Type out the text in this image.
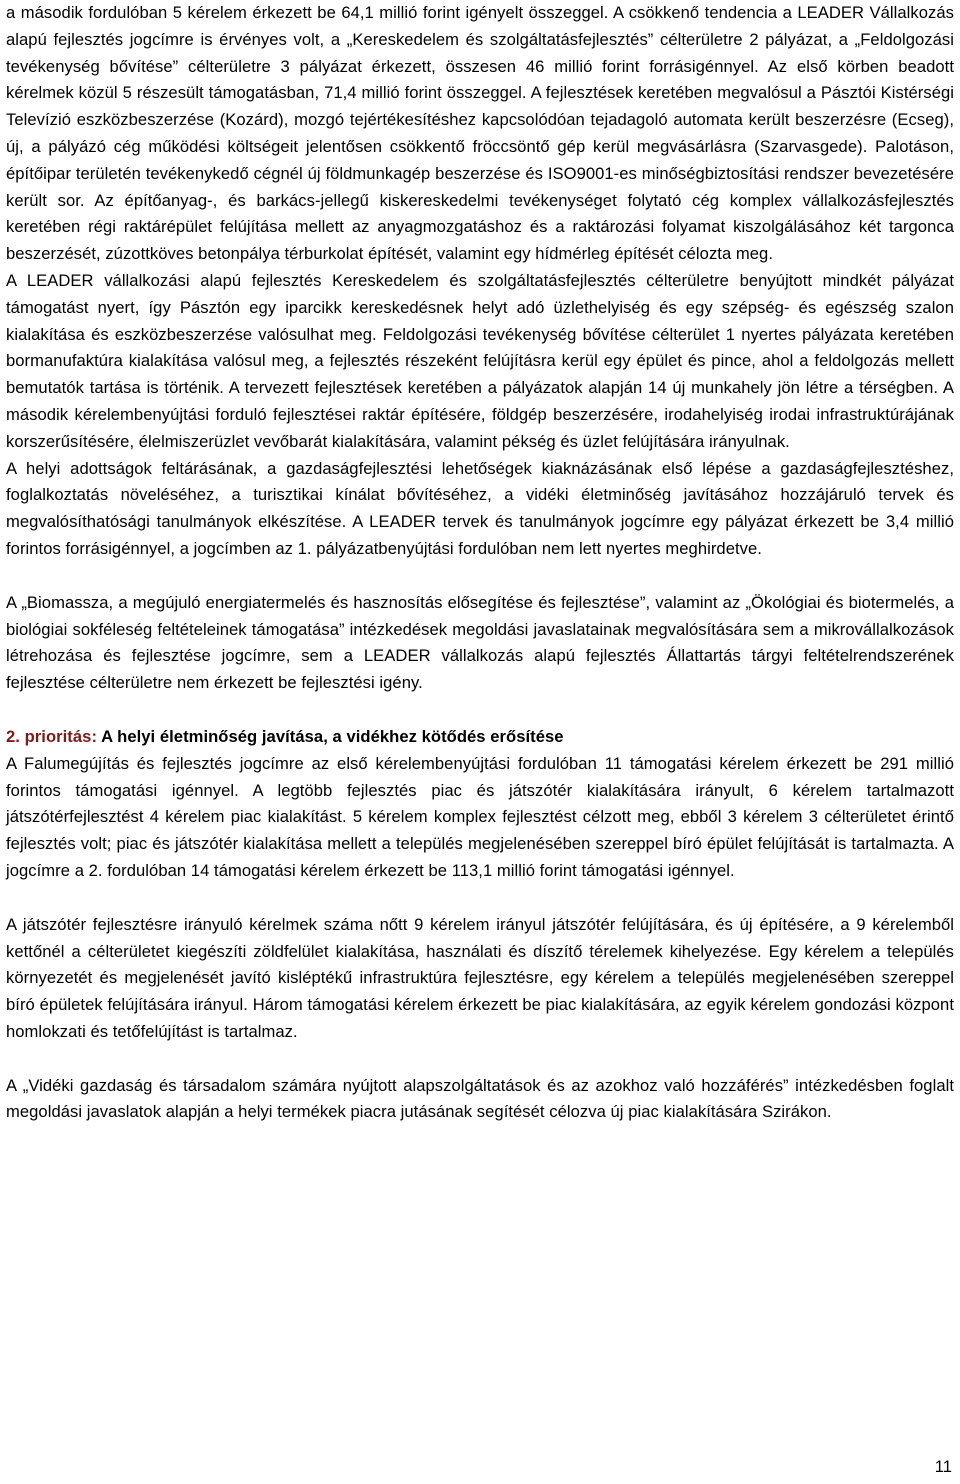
a második fordulóban 5 kérelem érkezett be 64,1 millió forint igényelt összeggel. A csökkenő tendencia a LEADER Vállalkozás alapú fejlesztés jogcímre is érvényes volt, a „Kereskedelem és szolgáltatásfejlesztés” célterületre 2 pályázat, a „Feldolgozási tevékenység bővítése” célterületre 3 pályázat érkezett, összesen 46 millió forint forrásigénnyel. Az első körben beadott kérelmek közül 5 részesült támogatásban, 71,4 millió forint összeggel. A fejlesztések keretében megvalósul a Pásztói Kistérségi Televízió eszközbeszerzése (Kozárd), mozgó tejértékesítéshez kapcsolódóan tejadagoló automata került beszerzésre (Ecseg), új, a pályázó cég működési költségeit jelentősen csökkentő fröccsöntő gép kerül megvásárlásra (Szarvasgede). Palotáson, építőipar területén tevékenykedő cégnél új földmunkagép beszerzése és ISO9001-es minőségbiztosítási rendszer bevezetésére került sor. Az építőanyag-, és barkács-jellegű kiskereskedelmi tevékenységet folytató cég komplex vállalkozásfejlesztés keretében régi raktárépület felújítása mellett az anyagmozgatáshoz és a raktározási folyamat kiszolgálásához két targonca beszerzését, zúzottköves betonpálya térburkolat építését, valamint egy hídmérleg építését célozta meg.

A LEADER vállalkozási alapú fejlesztés Kereskedelem és szolgáltatásfejlesztés célterületre benyújtott mindkét pályázat támogatást nyert, így Pásztón egy iparcikk kereskedésnek helyt adó üzlethelyiség és egy szépség- és egészség szalon kialakítása és eszközbeszerzése valósulhat meg. Feldolgozási tevékenység bővítése célterület 1 nyertes pályázata keretében bormanufaktúra kialakítása valósul meg, a fejlesztés részeként felújításra kerül egy épület és pince, ahol a feldolgozás mellett bemutatók tartása is történik. A tervezett fejlesztések keretében a pályázatok alapján 14 új munkahely jön létre a térségben. A második kérelembenyújtási forduló fejlesztései raktár építésére, földgép beszerzésére, irodahelyiség irodai infrastruktúrájának korszerűsítésére, élelmiszerüzlet vevőbarát kialakítására, valamint pékség és üzlet felújítására irányulnak.

A helyi adottságok feltárásának, a gazdaságfejlesztési lehetőségek kiaknázásának első lépése a gazdaságfejlesztéshez, foglalkoztatás növeléséhez, a turisztikai kínálat bővítéséhez, a vidéki életminőség javításához hozzájáruló tervek és megvalósíthatósági tanulmányok elkészítése. A LEADER tervek és tanulmányok jogcímre egy pályázat érkezett be 3,4 millió forintos forrásigénnyel, a jogcímben az 1. pályázatbenyújtási fordulóban nem lett nyertes meghirdetve.

A „Biomassza, a megújuló energiatermelés és hasznosítás elősegítése és fejlesztése”, valamint az „Ökológiai és biotermelés, a biológiai sokféleség feltételeinek támogatása” intézkedések megoldási javaslatainak megvalósítására sem a mikrovállalkozások létrehozása és fejlesztése jogcímre, sem a LEADER vállalkozás alapú fejlesztés Állattartás tárgyi feltételrendszerének fejlesztése célterületre nem érkezett be fejlesztési igény.

2. prioritás: A helyi életminőség javítása, a vidékhez kötődés erősítése

A Falumegújítás és fejlesztés jogcímre az első kérelembenyújtási fordulóban 11 támogatási kérelem érkezett be 291 millió forintos támogatási igénnyel. A legtöbb fejlesztés piac és játszótér kialakítására irányult, 6 kérelem tartalmazott játszótérfejlesztést 4 kérelem piac kialakítást. 5 kérelem komplex fejlesztést célzott meg, ebből 3 kérelem 3 célterületet érintő fejlesztés volt; piac és játszótér kialakítása mellett a település megjelenésében szereppel bíró épület felújítását is tartalmazta. A jogcímre a 2. fordulóban 14 támogatási kérelem érkezett be 113,1 millió forint támogatási igénnyel.

A játszótér fejlesztésre irányuló kérelmek száma nőtt 9 kérelem irányul játszótér felújítására, és új építésére, a 9 kérelemből kettőnél a célterületet kiegészíti zöldfelület kialakítása, használati és díszítő térelemek kihelyezése. Egy kérelem a település környezetét és megjelenését javító kisléptékű infrastruktúra fejlesztésre, egy kérelem a település megjelenésében szereppel bíró épületek felújítására irányul. Három támogatási kérelem érkezett be piac kialakítására, az egyik kérelem gondozási központ homlokzati és tetőfelújítást is tartalmaz.

A „Vidéki gazdaság és társadalom számára nyújtott alapszolgáltatások és az azokhoz való hozzáférés” intézkedésben foglalt megoldási javaslatok alapján a helyi termékek piacra jutásának segítését célozva új piac kialakítására Szirákon.

11
